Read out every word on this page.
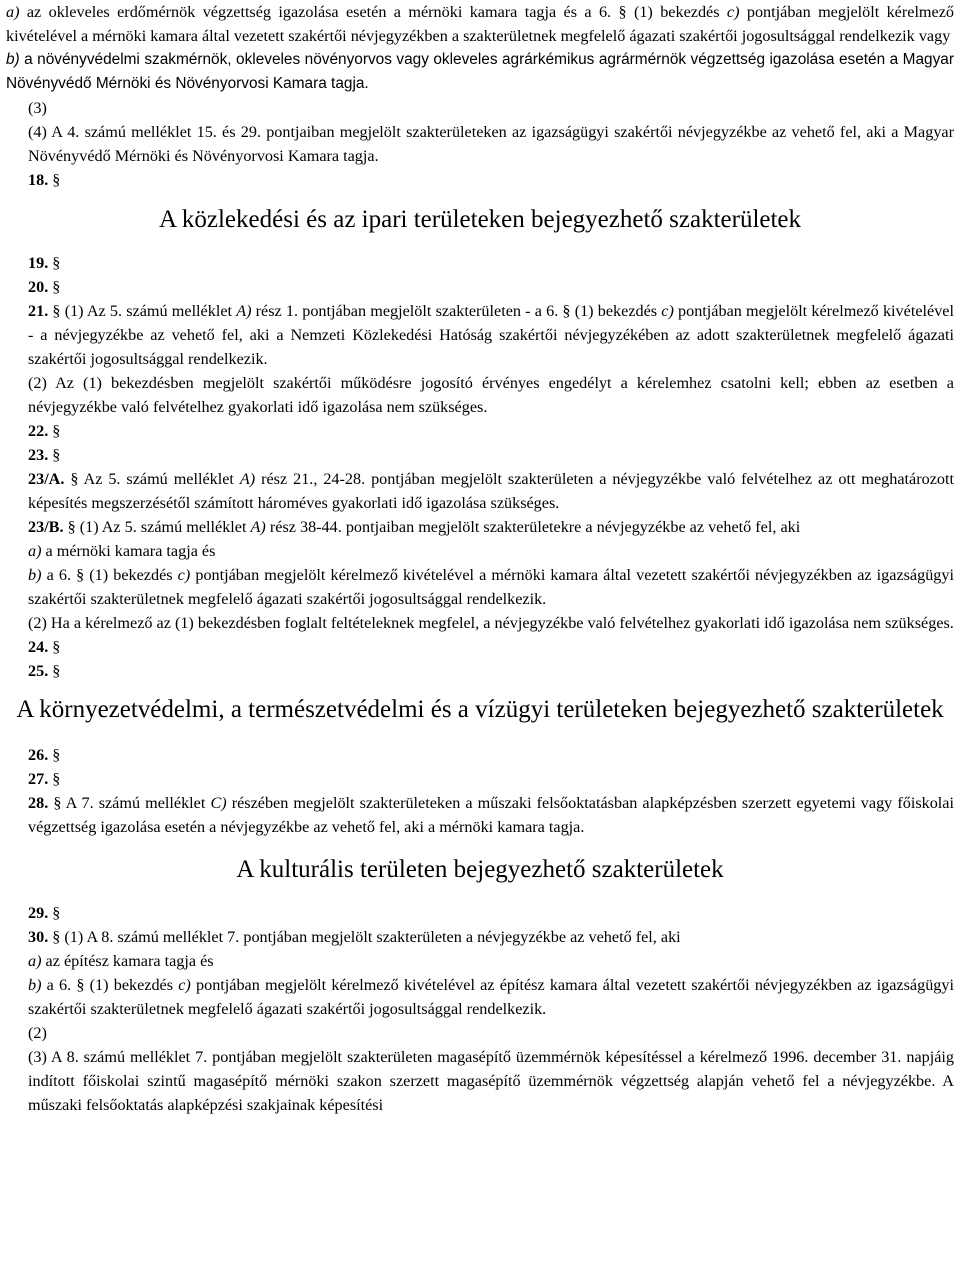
a) az okleveles erdőmérnök végzettség igazolása esetén a mérnöki kamara tagja és a 6. § (1) bekezdés c) pontjában megjelölt kérelmező kivételével a mérnöki kamara által vezetett szakértői névjegyzékben a szakterületnek megfelelő ágazati szakértői jogosultsággal rendelkezik vagy

b) a növényvédelmi szakmérnök, okleveles növényorvos vagy okleveles agrárkémikus agrármérnök végzettség igazolása esetén a Magyar Növényvédő Mérnöki és Növényorvosi Kamara tagja.

(3)

(4) A 4. számú melléklet 15. és 29. pontjaiban megjelölt szakterületeken az igazságügyi szakértői névjegyzékbe az vehető fel, aki a Magyar Növényvédő Mérnöki és Növényorvosi Kamara tagja.

18. §

A közlekedési és az ipari területeken bejegyezhető szakterületek

19. §

20. §

21. § (1) Az 5. számú melléklet A) rész 1. pontjában megjelölt szakterületen - a 6. § (1) bekezdés c) pontjában megjelölt kérelmező kivételével - a névjegyzékbe az vehető fel, aki a Nemzeti Közlekedési Hatóság szakértői névjegyzékében az adott szakterületnek megfelelő ágazati szakértői jogosultsággal rendelkezik.

(2) Az (1) bekezdésben megjelölt szakértői működésre jogosító érvényes engedélyt a kérelemhez csatolni kell; ebben az esetben a névjegyzékbe való felvételhez gyakorlati idő igazolása nem szükséges.

22. §

23. §

23/A. § Az 5. számú melléklet A) rész 21., 24-28. pontjában megjelölt szakterületen a névjegyzékbe való felvételhez az ott meghatározott képesítés megszerzésétől számított hároméves gyakorlati idő igazolása szükséges.

23/B. § (1) Az 5. számú melléklet A) rész 38-44. pontjaiban megjelölt szakterületekre a névjegyzékbe az vehető fel, aki

a) a mérnöki kamara tagja és

b) a 6. § (1) bekezdés c) pontjában megjelölt kérelmező kivételével a mérnöki kamara által vezetett szakértői névjegyzékben az igazságügyi szakértői szakterületnek megfelelő ágazati szakértői jogosultsággal rendelkezik.

(2) Ha a kérelmező az (1) bekezdésben foglalt feltételeknek megfelel, a névjegyzékbe való felvételhez gyakorlati idő igazolása nem szükséges.

24. §

25. §

A környezetvédelmi, a természetvédelmi és a vízügyi területeken bejegyezhető szakterületek

26. §

27. §

28. § A 7. számú melléklet C) részében megjelölt szakterületeken a műszaki felsőoktatásban alapképzésben szerzett egyetemi vagy főiskolai végzettség igazolása esetén a névjegyzékbe az vehető fel, aki a mérnöki kamara tagja.

A kulturális területen bejegyezhető szakterületek

29. §

30. § (1) A 8. számú melléklet 7. pontjában megjelölt szakterületen a névjegyzékbe az vehető fel, aki

a) az építész kamara tagja és

b) a 6. § (1) bekezdés c) pontjában megjelölt kérelmező kivételével az építész kamara által vezetett szakértői névjegyzékben az igazságügyi szakértői szakterületnek megfelelő ágazati szakértői jogosultsággal rendelkezik.

(2)

(3) A 8. számú melléklet 7. pontjában megjelölt szakterületen magasépítő üzemmérnök képesítéssel a kérelmező 1996. december 31. napjáig indított főiskolai szintű magasépítő mérnöki szakon szerzett magasépítő üzemmérnök végzettség alapján vehető fel a névjegyzékbe. A műszaki felsőoktatás alapképzési szakjainak képesítési
